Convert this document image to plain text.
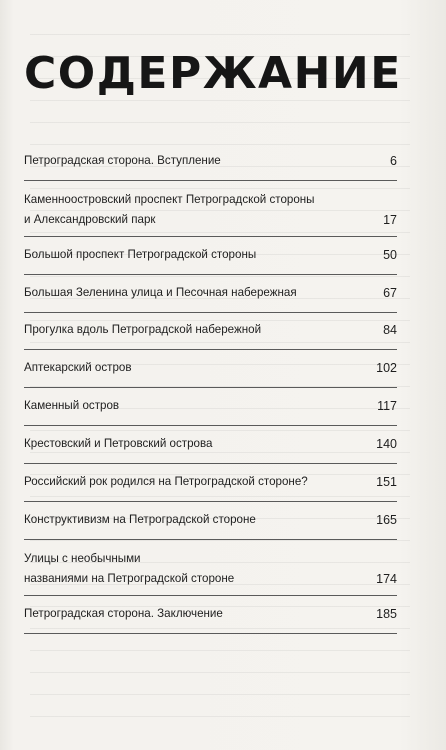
СОДЕРЖАНИЕ
Петроградская сторона. Вступление	6
Каменноостровский проспект Петроградской стороны
и Александровский парк	17
Большой проспект Петроградской стороны	50
Большая Зеленина улица и Песочная набережная	67
Прогулка вдоль Петроградской набережной	84
Аптекарский остров	102
Каменный остров	117
Крестовский и Петровский острова	140
Российский рок родился на Петроградской стороне?	151
Конструктивизм на Петроградской стороне	165
Улицы с необычными
названиями на Петроградской стороне	174
Петроградская сторона. Заключение	185
